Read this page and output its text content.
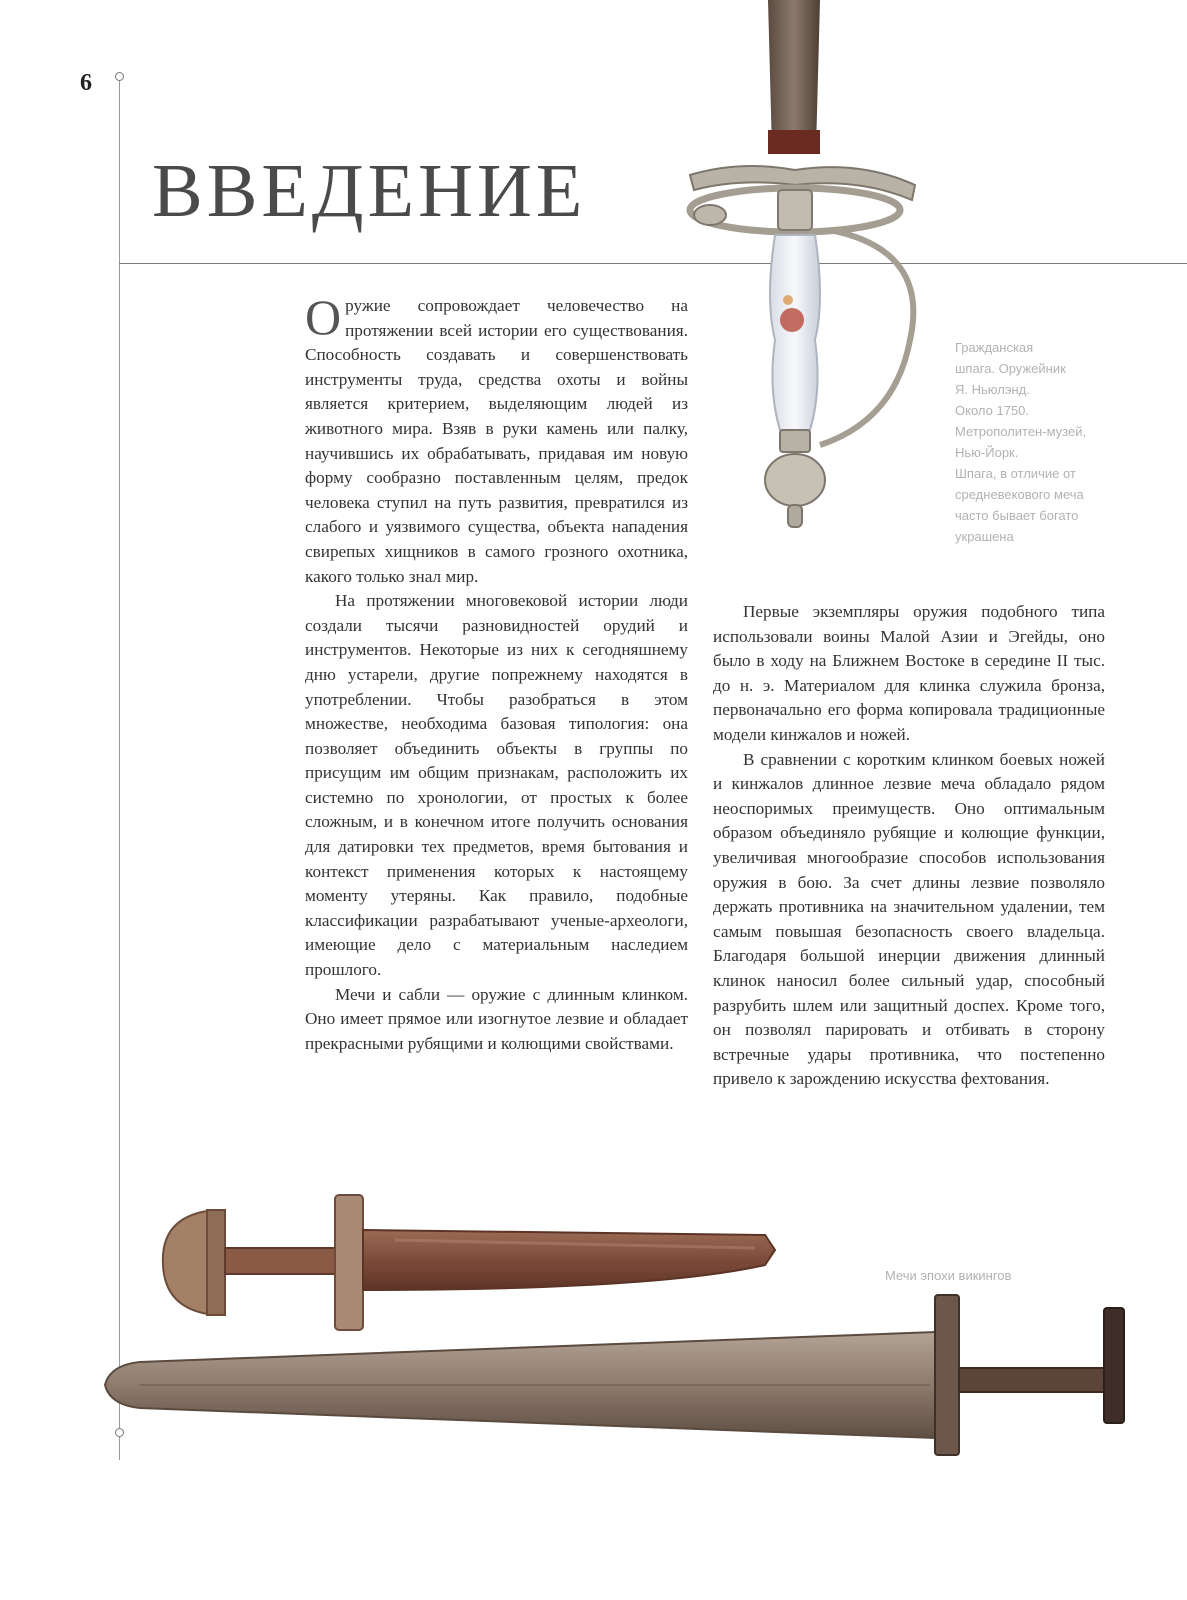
6
ВВЕДЕНИЕ
Гражданская
шпага. Оружейник
Я. Ньюлэнд.
Около 1750.
Метрополитен-музей,
Нью-Йорк.
Шпага, в отличие от
средневекового меча
часто бывает богато
украшена

Оружие сопровождает человечество на протяжении всей истории его существования. Способность создавать и совершенствовать инструменты труда, средства охоты и войны является критерием, выделяющим людей из животного мира. Взяв в руки камень или палку, научившись их обрабатывать, придавая им новую форму сообразно поставленным целям, предок человека ступил на путь развития, превратился из слабого и уязвимого существа, объекта нападения свирепых хищников в самого грозного охотника, какого только знал мир.

На протяжении многовековой истории люди создали тысячи разновидностей орудий и инструментов. Некоторые из них к сегодняшнему дню устарели, другие попрежнему находятся в употреблении. Чтобы разобраться в этом множестве, необходима базовая типология: она позволяет объединить объекты в группы по присущим им общим признакам, расположить их системно по хронологии, от простых к более сложным, и в конечном итоге получить основания для датировки тех предметов, время бытования и контекст применения которых к настоящему моменту утеряны. Как правило, подобные классификации разрабатывают ученые-археологи, имеющие дело с материальным наследием прошлого.

Мечи и сабли — оружие с длинным клинком. Оно имеет прямое или изогнутое лезвие и обладает прекрасными рубящими и колющими свойствами.

Первые экземпляры оружия подобного типа использовали воины Малой Азии и Эгейды, оно было в ходу на Ближнем Востоке в середине II тыс. до н. э. Материалом для клинка служила бронза, первоначально его форма копировала традиционные модели кинжалов и ножей.

В сравнении с коротким клинком боевых ножей и кинжалов длинное лезвие меча обладало рядом неоспоримых преимуществ. Оно оптимальным образом объединяло рубящие и колющие функции, увеличивая многообразие способов использования оружия в бою. За счет длины лезвие позволяло держать противника на значительном удалении, тем самым повышая безопасность своего владельца. Благодаря большой инерции движения длинный клинок наносил более сильный удар, способный разрубить шлем или защитный доспех. Кроме того, он позволял парировать и отбивать в сторону встречные удары противника, что постепенно привело к зарождению искусства фехтования.

Мечи эпохи викингов
